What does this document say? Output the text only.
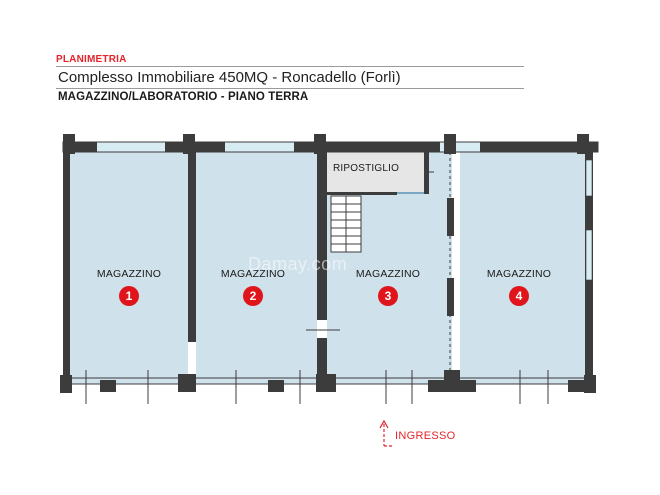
PLANIMETRIA
Complesso Immobiliare 450MQ - Roncadello (Forlì)
MAGAZZINO/LABORATORIO - PIANO TERRA
Damay.com
RIPOSTIGLIO
MAGAZZINO
1
MAGAZZINO
2
MAGAZZINO
3
MAGAZZINO
4
INGRESSO
